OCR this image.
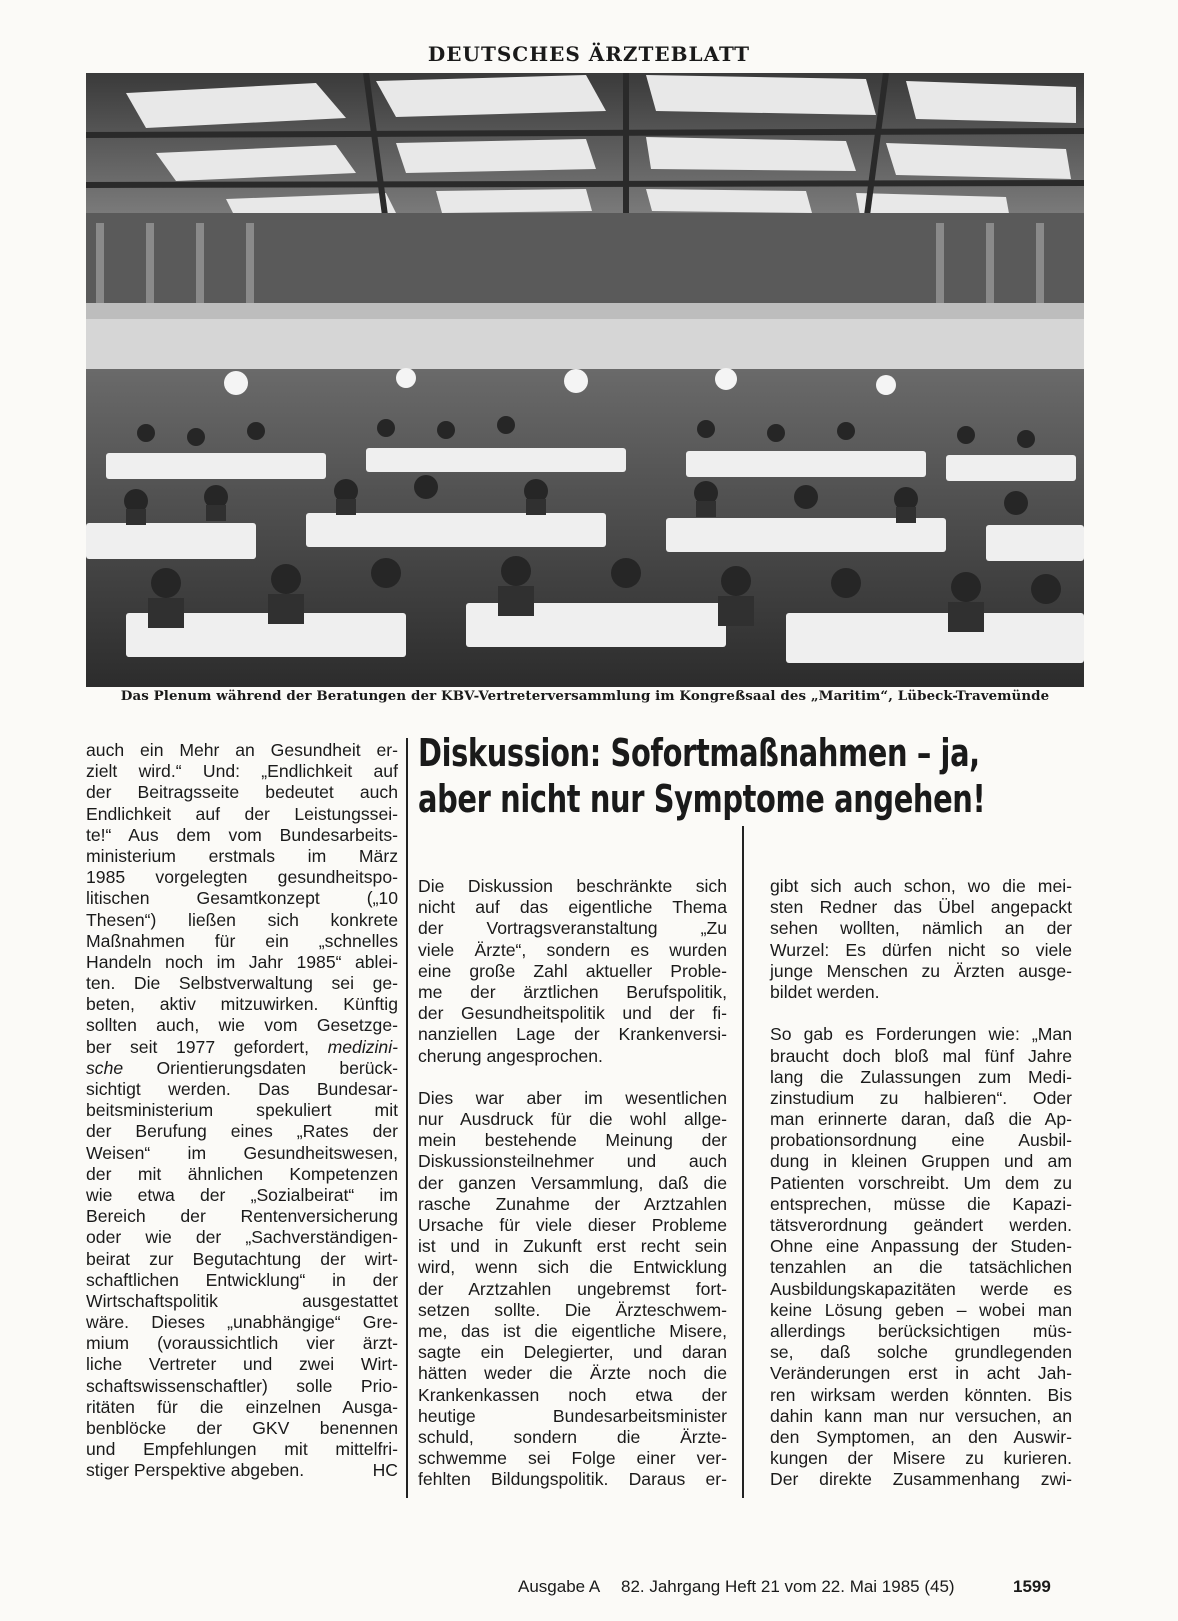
DEUTSCHES ÄRZTEBLATT
Das Plenum während der Beratungen der KBV-Vertreterversammlung im Kongreßsaal des „Maritim“, Lübeck-Travemünde
Diskussion: Sofortmaßnahmen – ja,
aber nicht nur Symptome angehen!
auch ein Mehr an Gesundheit er-
zielt wird.“ Und: „Endlichkeit auf
der Beitragsseite bedeutet auch
Endlichkeit auf der Leistungssei-
te!“ Aus dem vom Bundesarbeits-
ministerium erstmals im März
1985 vorgelegten gesundheitspo-
litischen Gesamtkonzept („10
Thesen“) ließen sich konkrete
Maßnahmen für ein „schnelles
Handeln noch im Jahr 1985“ ablei-
ten. Die Selbstverwaltung sei ge-
beten, aktiv mitzuwirken. Künftig
sollten auch, wie vom Gesetzge-
ber seit 1977 gefordert, medizini-
sche Orientierungsdaten berück-
sichtigt werden. Das Bundesar-
beitsministerium spekuliert mit
der Berufung eines „Rates der
Weisen“ im Gesundheitswesen,
der mit ähnlichen Kompetenzen
wie etwa der „Sozialbeirat“ im
Bereich der Rentenversicherung
oder wie der „Sachverständigen-
beirat zur Begutachtung der wirt-
schaftlichen Entwicklung“ in der
Wirtschaftspolitik ausgestattet
wäre. Dieses „unabhängige“ Gre-
mium (voraussichtlich vier ärzt-
liche Vertreter und zwei Wirt-
schaftswissenschaftler) solle Prio-
ritäten für die einzelnen Ausga-
benblöcke der GKV benennen
und Empfehlungen mit mittelfri-
stiger Perspektive abgeben.	HC
Die Diskussion beschränkte sich
nicht auf das eigentliche Thema
der Vortragsveranstaltung „Zu
viele Ärzte“, sondern es wurden
eine große Zahl aktueller Proble-
me der ärztlichen Berufspolitik,
der Gesundheitspolitik und der fi-
nanziellen Lage der Krankenversi-
cherung angesprochen.
Dies war aber im wesentlichen
nur Ausdruck für die wohl allge-
mein bestehende Meinung der
Diskussionsteilnehmer und auch
der ganzen Versammlung, daß die
rasche Zunahme der Arztzahlen
Ursache für viele dieser Probleme
ist und in Zukunft erst recht sein
wird, wenn sich die Entwicklung
der Arztzahlen ungebremst fort-
setzen sollte. Die Ärzteschwem-
me, das ist die eigentliche Misere,
sagte ein Delegierter, und daran
hätten weder die Ärzte noch die
Krankenkassen noch etwa der
heutige Bundesarbeitsminister
schuld, sondern die Ärzte-
schwemme sei Folge einer ver-
fehlten Bildungspolitik. Daraus er-
gibt sich auch schon, wo die mei-
sten Redner das Übel angepackt
sehen wollten, nämlich an der
Wurzel: Es dürfen nicht so viele
junge Menschen zu Ärzten ausge-
bildet werden.
So gab es Forderungen wie: „Man
braucht doch bloß mal fünf Jahre
lang die Zulassungen zum Medi-
zinstudium zu halbieren“. Oder
man erinnerte daran, daß die Ap-
probationsordnung eine Ausbil-
dung in kleinen Gruppen und am
Patienten vorschreibt. Um dem zu
entsprechen, müsse die Kapazi-
tätsverordnung geändert werden.
Ohne eine Anpassung der Studen-
tenzahlen an die tatsächlichen
Ausbildungskapazitäten werde es
keine Lösung geben – wobei man
allerdings berücksichtigen müs-
se, daß solche grundlegenden
Veränderungen erst in acht Jah-
ren wirksam werden könnten. Bis
dahin kann man nur versuchen, an
den Symptomen, an den Auswir-
kungen der Misere zu kurieren.
Der direkte Zusammenhang zwi-
Ausgabe A 82. Jahrgang Heft 21 vom 22. Mai 1985 (45)	1599
